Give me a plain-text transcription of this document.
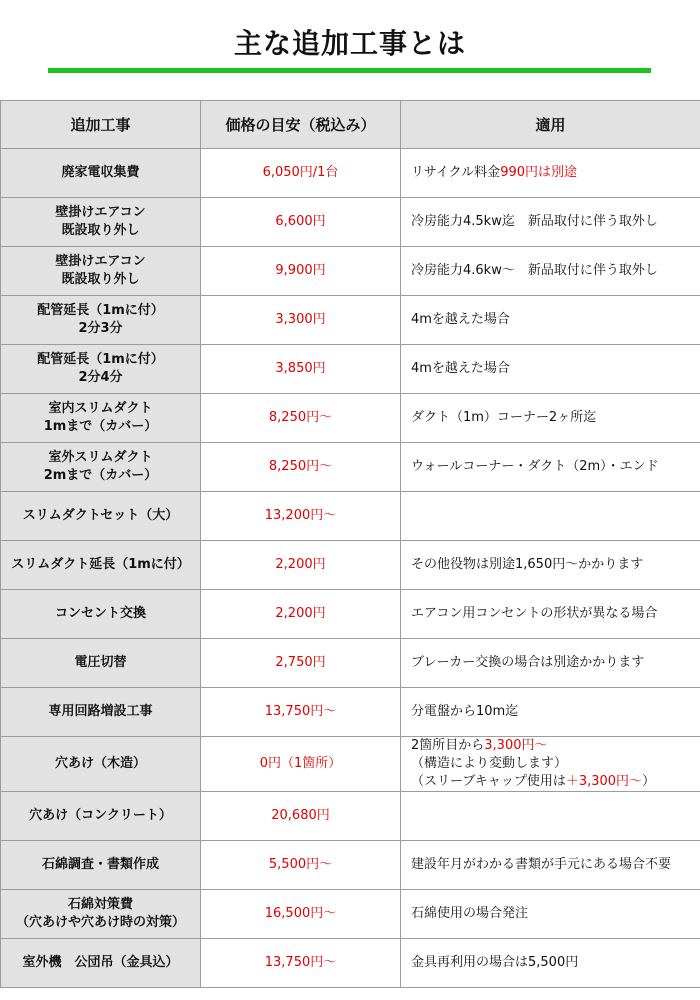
主な追加工事とは
追加工事	価格の目安（税込み）	適用

廃家電収集費	6,050円/1台	リサイクル料金990円は別途

壁掛けエアコン
既設取り外し	6,600円	冷房能力4.5kw迄　新品取付に伴う取外し

壁掛けエアコン
既設取り外し	9,900円	冷房能力4.6kw～　新品取付に伴う取外し

配管延長（1mに付）
2分3分	3,300円	4mを越えた場合

配管延長（1mに付）
2分4分	3,850円	4mを越えた場合

室内スリムダクト
1mまで（カバー）	8,250円～	ダクト（1m）コーナー2ヶ所迄

室外スリムダクト
2mまで（カバー）	8,250円～	ウォールコーナー・ダクト（2m）・エンド

スリムダクトセット（大）	13,200円～	

スリムダクト延長（1mに付）	2,200円	その他役物は別途1,650円～かかります

コンセント交換	2,200円	エアコン用コンセントの形状が異なる場合

電圧切替	2,750円	ブレーカー交換の場合は別途かかります

専用回路増設工事	13,750円～	分電盤から10m迄

穴あけ（木造）	0円（1箇所）	2箇所目から3,300円～（構造により変動します）
（スリーブキャップ使用は＋3,300円～）

穴あけ（コンクリート）	20,680円	

石綿調査・書類作成	5,500円～	建設年月がわかる書類が手元にある場合不要

石綿対策費
（穴あけや穴あけ時の対策）	16,500円～	石綿使用の場合発注

室外機　公団吊（金具込）	13,750円～	金具再利用の場合は5,500円
